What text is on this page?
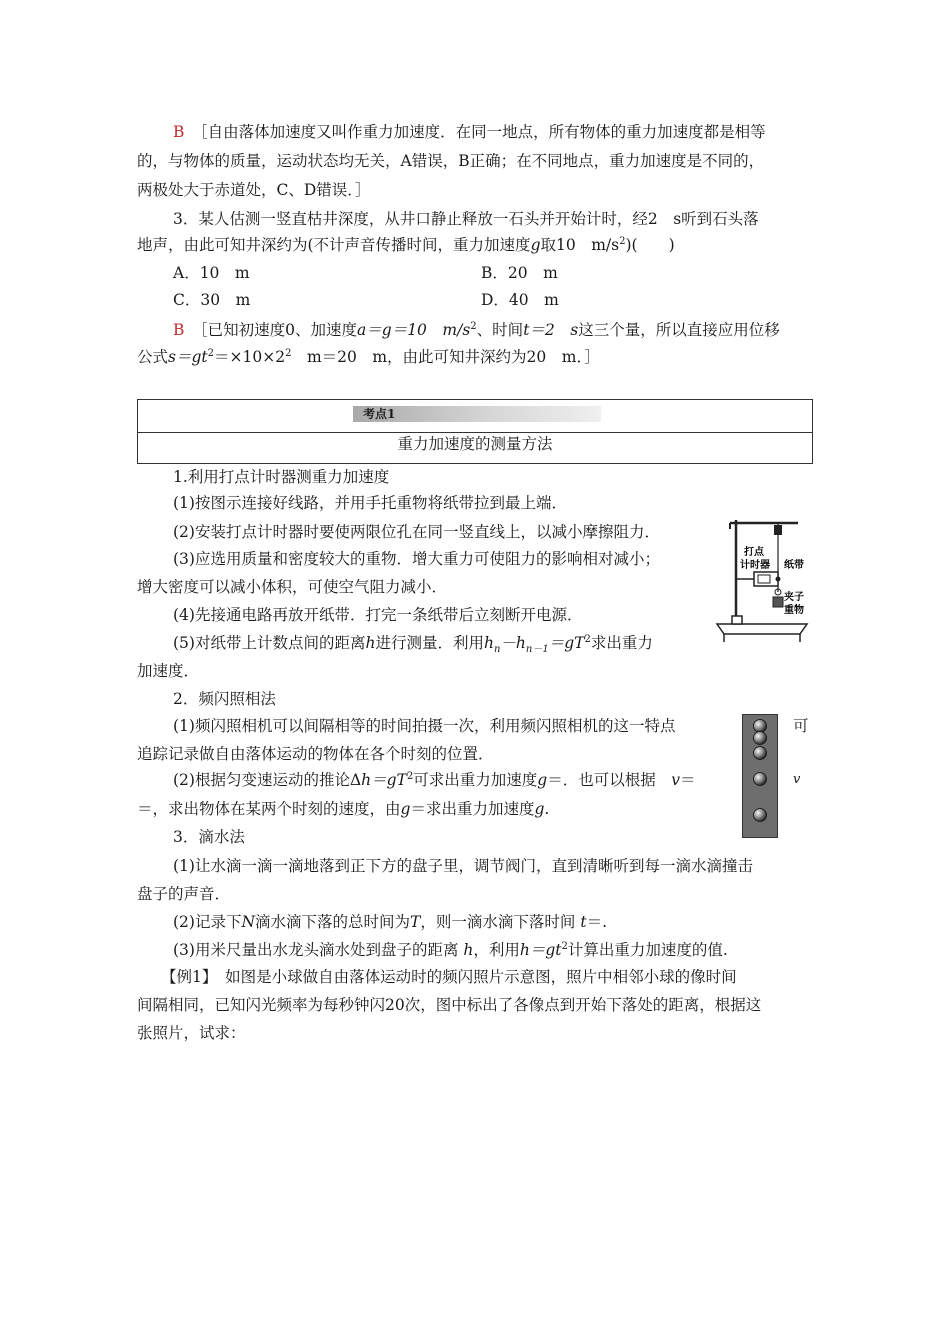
B　 ［自由落体加速度又叫作重力加速度．在同一地点，所有物体的重力加速度都是相等
的，与物体的质量，运动状态均无关，A错误，B正确；在不同地点，重力加速度是不同的，
两极处大于赤道处，C、D错误．］
3．某人估测一竖直枯井深度，从井口静止释放一石头并开始计时，经2　s听到石头落
地声，由此可知井深约为(不计声音传播时间，重力加速度g取10　$m/s^2$)(　　)
A．10　m	B．20　m
C．30　m	D．40　m
B　 ［已知初速度0、加速度a＝g＝10　$m/s^2$、时间t＝2　s这三个量，所以直接应用位移
公式$s=gt^2=\times 10\times 2^2$　m＝20　m，由此可知井深约为20　m．］
考点1
重力加速度的测量方法
1.利用打点计时器测重力加速度
(1)按图示连接好线路，并用手托重物将纸带拉到最上端．
(2)安装打点计时器时要使两限位孔在同一竖直线上，以减小摩擦阻力．
(3)应选用质量和密度较大的重物．增大重力可使阻力的影响相对减小；
增大密度可以减小体积，可使空气阻力减小．
(4)先接通电路再放开纸带．打完一条纸带后立刻断开电源．
(5)对纸带上计数点间的距离h进行测量．利用$h_n-h_{n-1}=gT^2$求出重力
加速度．
打点
计时器 纸带
夹子
重物
2．频闪照相法
(1)频闪照相机可以间隔相等的时间拍摄一次，利用频闪照相机的这一特点	可
追踪记录做自由落体运动的物体在各个时刻的位置．
(2)根据匀变速运动的推论$\Delta h=gT^2$可求出重力加速度g＝．也可以根据　 v＝	v
＝，求出物体在某两个时刻的速度，由g＝求出重力加速度g.
3．滴水法
(1)让水滴一滴一滴地落到正下方的盘子里，调节阀门，直到清晰听到每一滴水滴撞击
盘子的声音．
(2)记录下N滴水滴下落的总时间为T，则一滴水滴下落时间 t＝.
(3)用米尺量出水龙头滴水处到盘子的距离 h，利用$h=gt^2$计算出重力加速度的值.
【例1】　如图是小球做自由落体运动时的频闪照片示意图，照片中相邻小球的像时间
间隔相同，已知闪光频率为每秒钟闪20次，图中标出了各像点到开始下落处的距离，根据这
张照片，试求：
